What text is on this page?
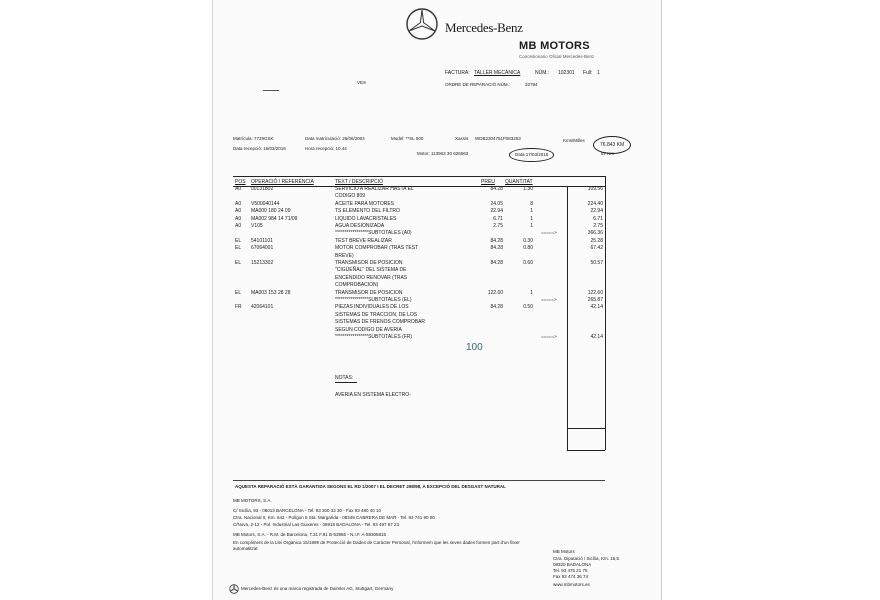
Mercedes-Benz
MB MOTORS
Concesionario Oficial Mercedes-Benz
FACTURA: TALLER MECÁNICA	NÚM.: 102301 Full: 1
ORDRE DE REPARACIÓ NÚM.:	32794
VES
Matrícula: 7729GSK	Data matriculació: 26/06/2004	Model: **SL 500	Xassis: WDB2304751F083253	Kms/Milles
76.843 KM
Data recepció: 16/03/2016	Hora recepció: 10.44
Motor: 113963 30 626663	Data 17/03/2016	67 Km
POS OPERACIÓ / REFERÈNCIA	TEXT / DESCRIPCIÓ	PREU QUANTITAT
NOTAS:
AVERIA EN SISTEMA ELECTRO-
AQUESTA REPARACIÓ ESTÀ GARANTIDA SEGONS EL RD 1/2007 I EL DECRET 298/98, A EXCEPCIÓ DEL DESGAST NATURAL
MB MOTORS, S.A.
C/ Sicília, 93 - 08013 BARCELONA - Tel. 93 300 32 30 - Fax 93 480 40 10
Ctra. Nacional II, Km. 642 - Polígon 5 Sta. Margarida - 08349 CABRERA DE MAR - Tel. 93 741 90 00
C/Nova, 2-12 - Pol. Industrial Las Guixeres - 08918 BADALONA - Tel. 93 497 67 23
MB Motors, S.A. - R.M. de Barcelona, T.31 F.91 B-53955 - N.I.F. A-58305815
En compliment de la Llei Orgànica 15/1999 de Protecció de Dades de Caràcter Personal, l'informem que les seves dades formen part d'un fitxer automatitzat
MB Motors
Ctra. Diputació / Sicília, Km. 15,5
08320 BADALONA
Tel. 93 475 21 75
Fax 93 474 36 74
www.mbmotors.es
Mercedes-Benz és una marca registrada de Daimler AG, Stuttgart, Germany
A0 00131802	SERVICIO A REALIZAR HASTA EL	84.28	1.30	109.56
CODIGO 809
A0 V500040144	ACEITE PARA MOTORES	24.05	8	224.40
A0 MA000 180 24 09	TS ELEMENTO DEL FILTRO	22.94	1	22.94
A0 MA002 984 14 71/09	LIQUIDO LAVACRISTALES	6.71	1	6.71
A0 V105	AGUA DESIONIZADA	2.75	1	2.75
*****************SUBTOTALES (A0)	366.36
=====>
EL 54101101	TEST BREVE REALIZAR	84.28	0.30	25.28
EL 67064001	MOTOR COMPROBAR (TRAS TEST	84.28	0.80	67.42
BREVE)
EL 15213302	TRANSMISOR DE POSICION	84.28	0.60	50.57
"CIGÜEÑAL" DEL SISTEMA DE
ENCENDIDO RENOVAR (TRAS
COMPROBACION)
EL MA003 153 28 28	TRANSMISOR DE POSICION	122.60	1	122.60
*****************SUBTOTALES (EL)	265.87
=====>
FR 42064101	PIEZAS INDIVIDUALES DE LOS	84.28	0.50	42.14
SISTEMAS DE TRACCION, DE LOS
SISTEMAS DE FRENOS COMPROBAR
SEGUN CODIGO DE AVERIA
*****************SUBTOTALES (FR)	42.14
=====>
100
